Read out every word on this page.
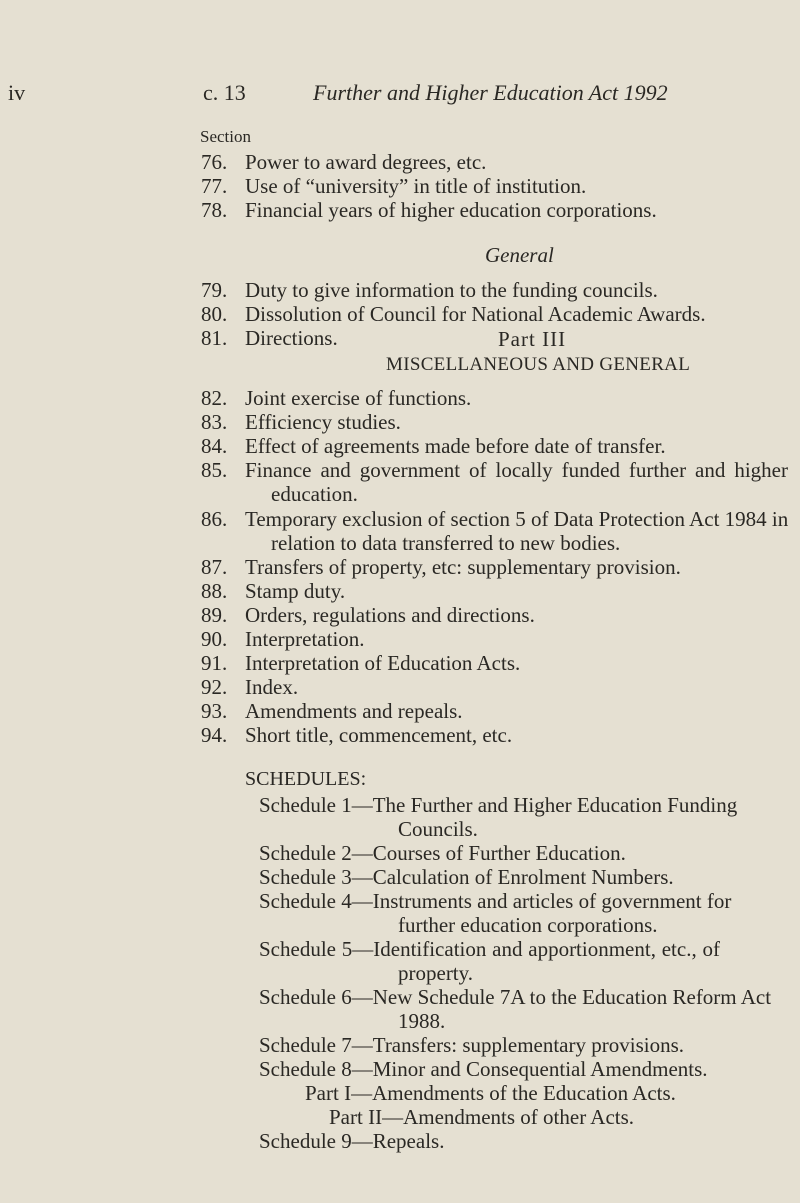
iv	c. 13	Further and Higher Education Act 1992
Section
76. Power to award degrees, etc.
77. Use of “university” in title of institution.
78. Financial years of higher education corporations.
General
79. Duty to give information to the funding councils.
80. Dissolution of Council for National Academic Awards.
81. Directions.	Part III
MISCELLANEOUS AND GENERAL
82. Joint exercise of functions.
83. Efficiency studies.
84. Effect of agreements made before date of transfer.
85. Finance and government of locally funded further and higher
education.
86. Temporary exclusion of section 5 of Data Protection Act 1984 in
relation to data transferred to new bodies.
87. Transfers of property, etc: supplementary provision.
88. Stamp duty.
89. Orders, regulations and directions.
90. Interpretation.
91. Interpretation of Education Acts.
92. Index.
93. Amendments and repeals.
94. Short title, commencement, etc.
SCHEDULES:
Schedule 1—The Further and Higher Education Funding
Councils.
Schedule 2—Courses of Further Education.
Schedule 3—Calculation of Enrolment Numbers.
Schedule 4—Instruments and articles of government for
further education corporations.
Schedule 5—Identification and apportionment, etc., of
property.
Schedule 6—New Schedule 7A to the Education Reform Act
1988.
Schedule 7—Transfers: supplementary provisions.
Schedule 8—Minor and Consequential Amendments.
Part I—Amendments of the Education Acts.
Part II—Amendments of other Acts.
Schedule 9—Repeals.
